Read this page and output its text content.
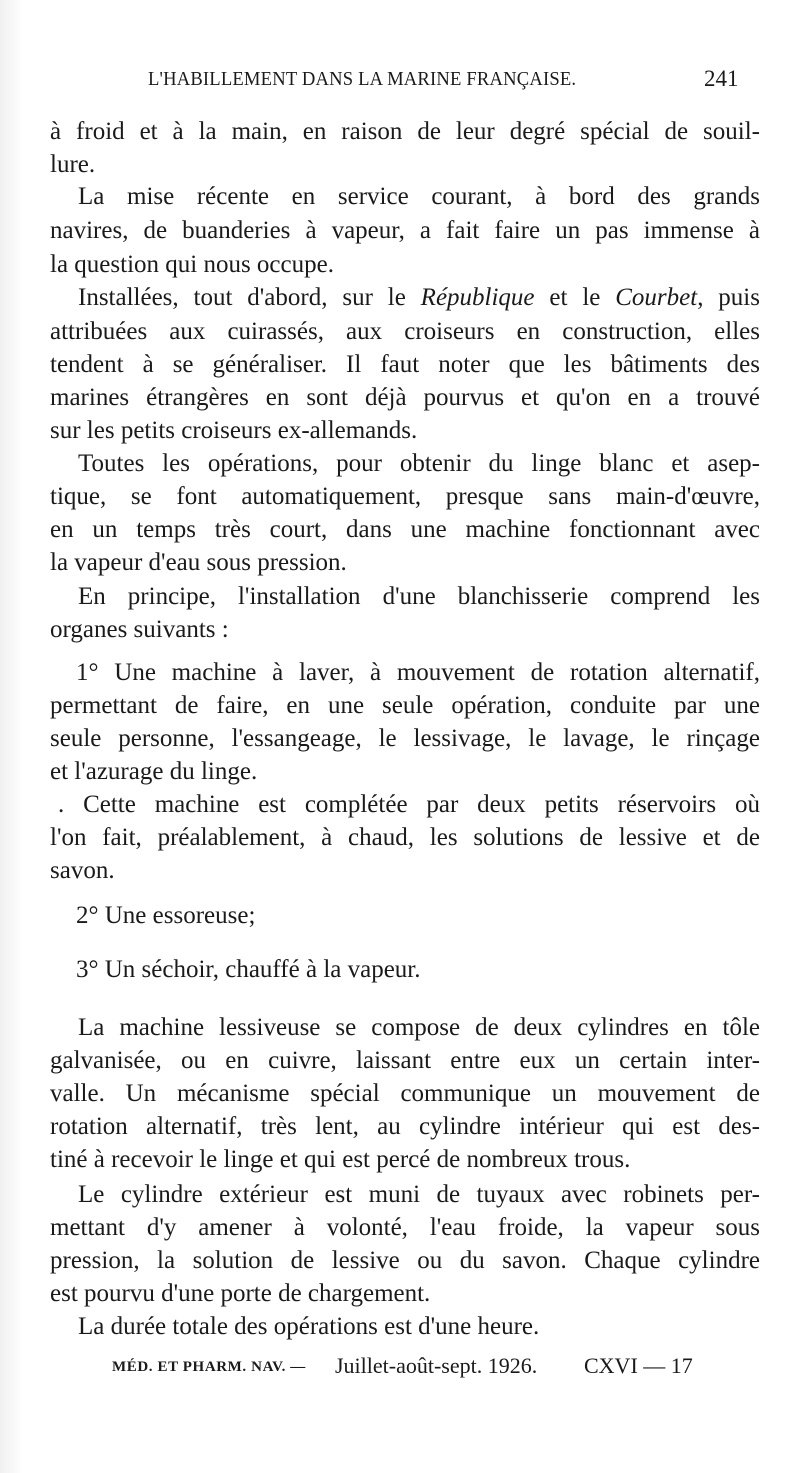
L'HABILLEMENT DANS LA MARINE FRANÇAISE.	241
à froid et à la main, en raison de leur degré spécial de souil-
lure.
La mise récente en service courant, à bord des grands
navires, de buanderies à vapeur, a fait faire un pas immense à
la question qui nous occupe.
Installées, tout d'abord, sur le République et le Courbet, puis
attribuées aux cuirassés, aux croiseurs en construction, elles
tendent à se généraliser. Il faut noter que les bâtiments des
marines étrangères en sont déjà pourvus et qu'on en a trouvé
sur les petits croiseurs ex-allemands.
Toutes les opérations, pour obtenir du linge blanc et asep-
tique, se font automatiquement, presque sans main-d'œuvre,
en un temps très court, dans une machine fonctionnant avec
la vapeur d'eau sous pression.
En principe, l'installation d'une blanchisserie comprend les
organes suivants :
1° Une machine à laver, à mouvement de rotation alternatif,
permettant de faire, en une seule opération, conduite par une
seule personne, l'essangeage, le lessivage, le lavage, le rinçage
et l'azurage du linge.
. Cette machine est complétée par deux petits réservoirs où
l'on fait, préalablement, à chaud, les solutions de lessive et de
savon.
2° Une essoreuse;
3° Un séchoir, chauffé à la vapeur.
La machine lessiveuse se compose de deux cylindres en tôle
galvanisée, ou en cuivre, laissant entre eux un certain inter-
valle. Un mécanisme spécial communique un mouvement de
rotation alternatif, très lent, au cylindre intérieur qui est des-
tiné à recevoir le linge et qui est percé de nombreux trous.
Le cylindre extérieur est muni de tuyaux avec robinets per-
mettant d'y amener à volonté, l'eau froide, la vapeur sous
pression, la solution de lessive ou du savon. Chaque cylindre
est pourvu d'une porte de chargement.
La durée totale des opérations est d'une heure.
MÉD. ET PHARM. NAV. — Juillet-août-sept. 1926. CXVI — 17
